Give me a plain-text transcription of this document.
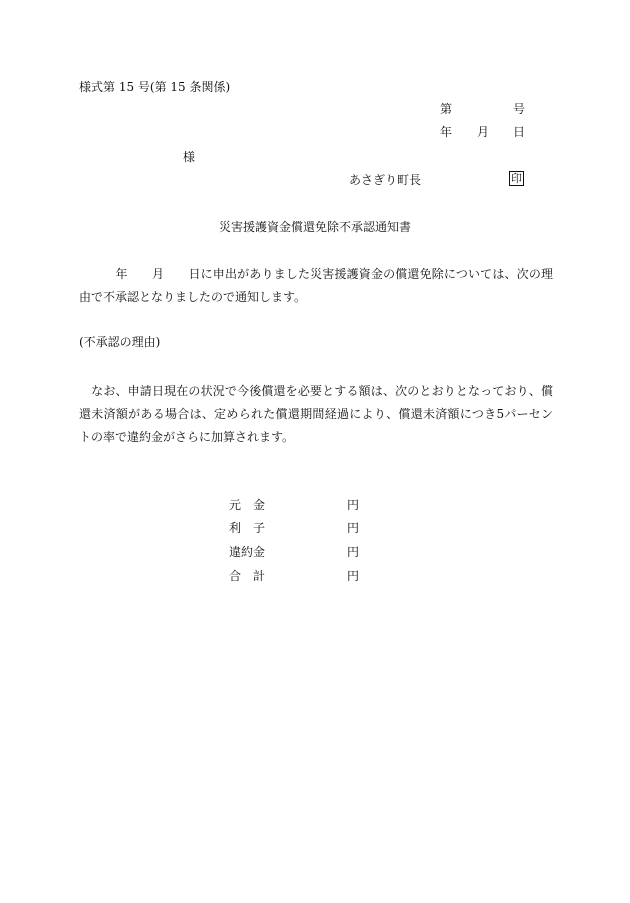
様式第 15 号(第 15 条関係)
第	号
年 月 日
様
あさぎり町長	印
災害援護資金償還免除不承認通知書
　　　年　　月　　日に申出がありました災害援護資金の償還免除については、次の理由で不承認となりましたので通知します。
(不承認の理由)
　なお、申請日現在の状況で今後償還を必要とする額は、次のとおりとなっており、償還未済額がある場合は、定められた償還期間経過により、償還未済額につき5パーセントの率で違約金がさらに加算されます。
元　金	円
利　子	円
違約金	円
合　計	円
